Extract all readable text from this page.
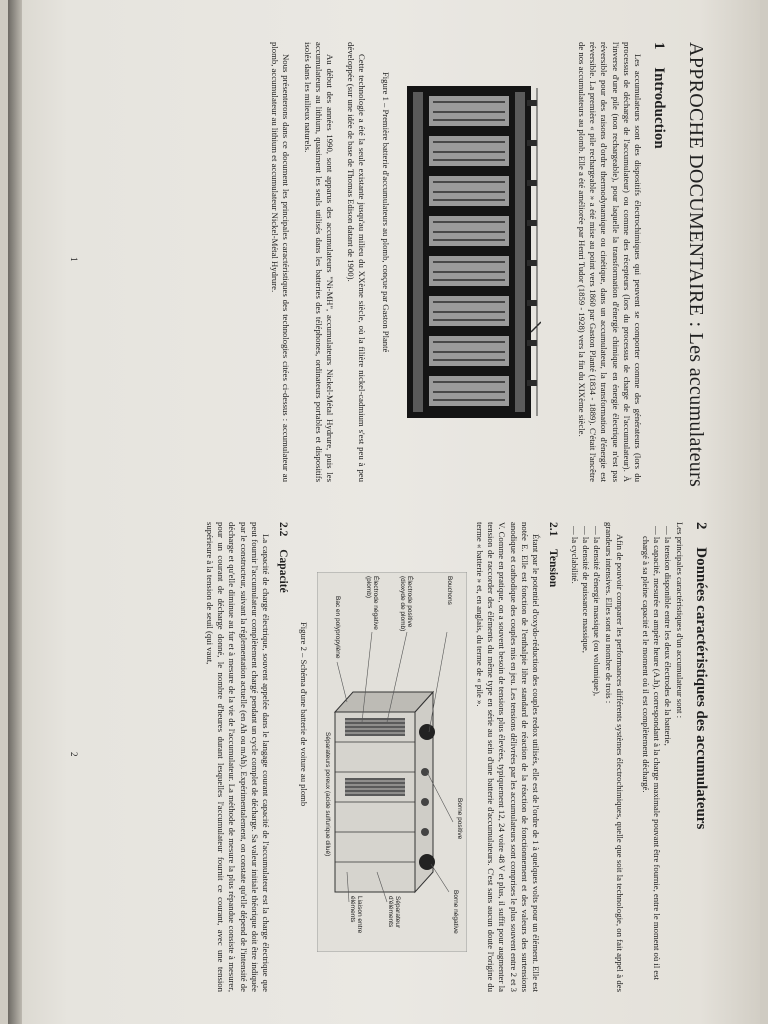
APPROCHE DOCUMENTAIRE : Les accumulateurs
1 Introduction

Les accumulateurs sont des dispositifs électrochimiques qui peuvent se comporter comme des générateurs (lors du processus de décharge de l'accumulateur) ou comme des récepteurs (lors du processus de charge de l'accumulateur). À l'inverse d'une pile (non rechargeable), pour laquelle la transformation d'énergie chimique en énergie électrique n'est pas réversible pour des raisons d'ordre thermodynamique ou cinétique, dans un accumulateur, la transformation d'énergie est réversible. La première « pile rechargeable » a été mise au point vers 1860 par Gaston Planté (1834 - 1889). C'était l'ancêtre de nos accumulateurs au plomb. Elle a été améliorée par Henri Tudor (1859 - 1928) vers la fin du XIXème siècle.

Figure 1 – Première batterie d'accumulateurs au plomb, conçue par Gaston Planté

Cette technologie a été la seule existante jusqu'au milieu du XXème siècle, où la filière nickel-cadmium s'est peu à peu développée (sur une idée de base de Thomas Edison datant de 1900).

Au début des années 1990, sont apparus des accumulateurs "Ni-MH", accumulateurs Nickel-Métal Hydrure, puis les accumulateurs au lithium, quasiment les seuls utilisés dans les batteries des téléphones, ordinateurs portables et dispositifs isolés dans les milieux naturels.

Nous présenterons dans ce document les principales caractéristiques des technologies citées ci-dessus : accumulateur au plomb, accumulateur au lithium et accumulateur Nickel-Métal Hydrure.

1
2 Données caractéristiques des accumulateurs

Les principales caractéristiques d'un accumulateur sont :

— la tension disponible entre les deux électrodes de la batterie,
— la capacité, mesurée en ampère heure (A.h), correspondant à la charge maximale pouvant être fournie, entre le moment où il est chargé à sa pleine capacité et le moment où il est complètement déchargé.

Afin de pouvoir comparer les performances différents systèmes électrochimiques, quelle que soit la technologie, on fait appel à des grandeurs intensives. Elles sont au nombre de trois :

— la densité d'énergie massique (ou volumique),
— la densité de puissance massique,
— la cyclabilité.
2.1 Tension

Étant par le potentiel d'oxydo-réduction des couples redox utilisés, elle est de l'ordre de 1 à quelques volts pour un élément. Elle est notée E. Elle est fonction de l'enthalpie libre standard de réaction de la réaction de fonctionnement et des valeurs des surtensions anodique et cathodique des couples mis en jeu. Les tensions délivrées par les accumulateurs sont comprises le plus souvent entre 2 et 3 V. Comme en pratique, on a souvent besoin de tensions plus élevées, typiquement 12, 24 voire 48 V et plus, il suffit pour augmenter la tension de raccorder des éléments du même type en série au sein d'une batterie d'accumulateurs. C'est sans aucun doute l'origine du terme « batterie » et, en anglais, du terme de « pile ».

Bouchons
Électrode positive (dioxyde de plomb)
Électrode négative (plomb)
Bac en polypropylène
Borne positive
Borne négative
Séparateur d'éléments
Liaison entre éléments
Séparateurs poreux (acide sulfurique dilué)
Figure 2 – Schéma d'une batterie de voiture au plomb
2.2 Capacité

La capacité de charge électrique, souvent appelée dans le langage courant capacité de l'accumulateur est la charge électrique que peut fournir l'accumulateur complètement chargé pendant un cycle complet de décharge. Sa valeur initiale théorique doit être indiquée par le constructeur, suivant la réglementation actuelle (en Ah ou mAh). Expérimentalement, on constate qu'elle dépend de l'intensité de décharge et qu'elle diminue au fur et à mesure de la vie de l'accumulateur. La méthode de mesure la plus répandue consiste à mesurer, pour un courant de décharge donné, le nombre d'heures durant lesquelles l'accumulateur fournit ce courant, avec une tension supérieure à la tension de seuil (qui vaut,

2
